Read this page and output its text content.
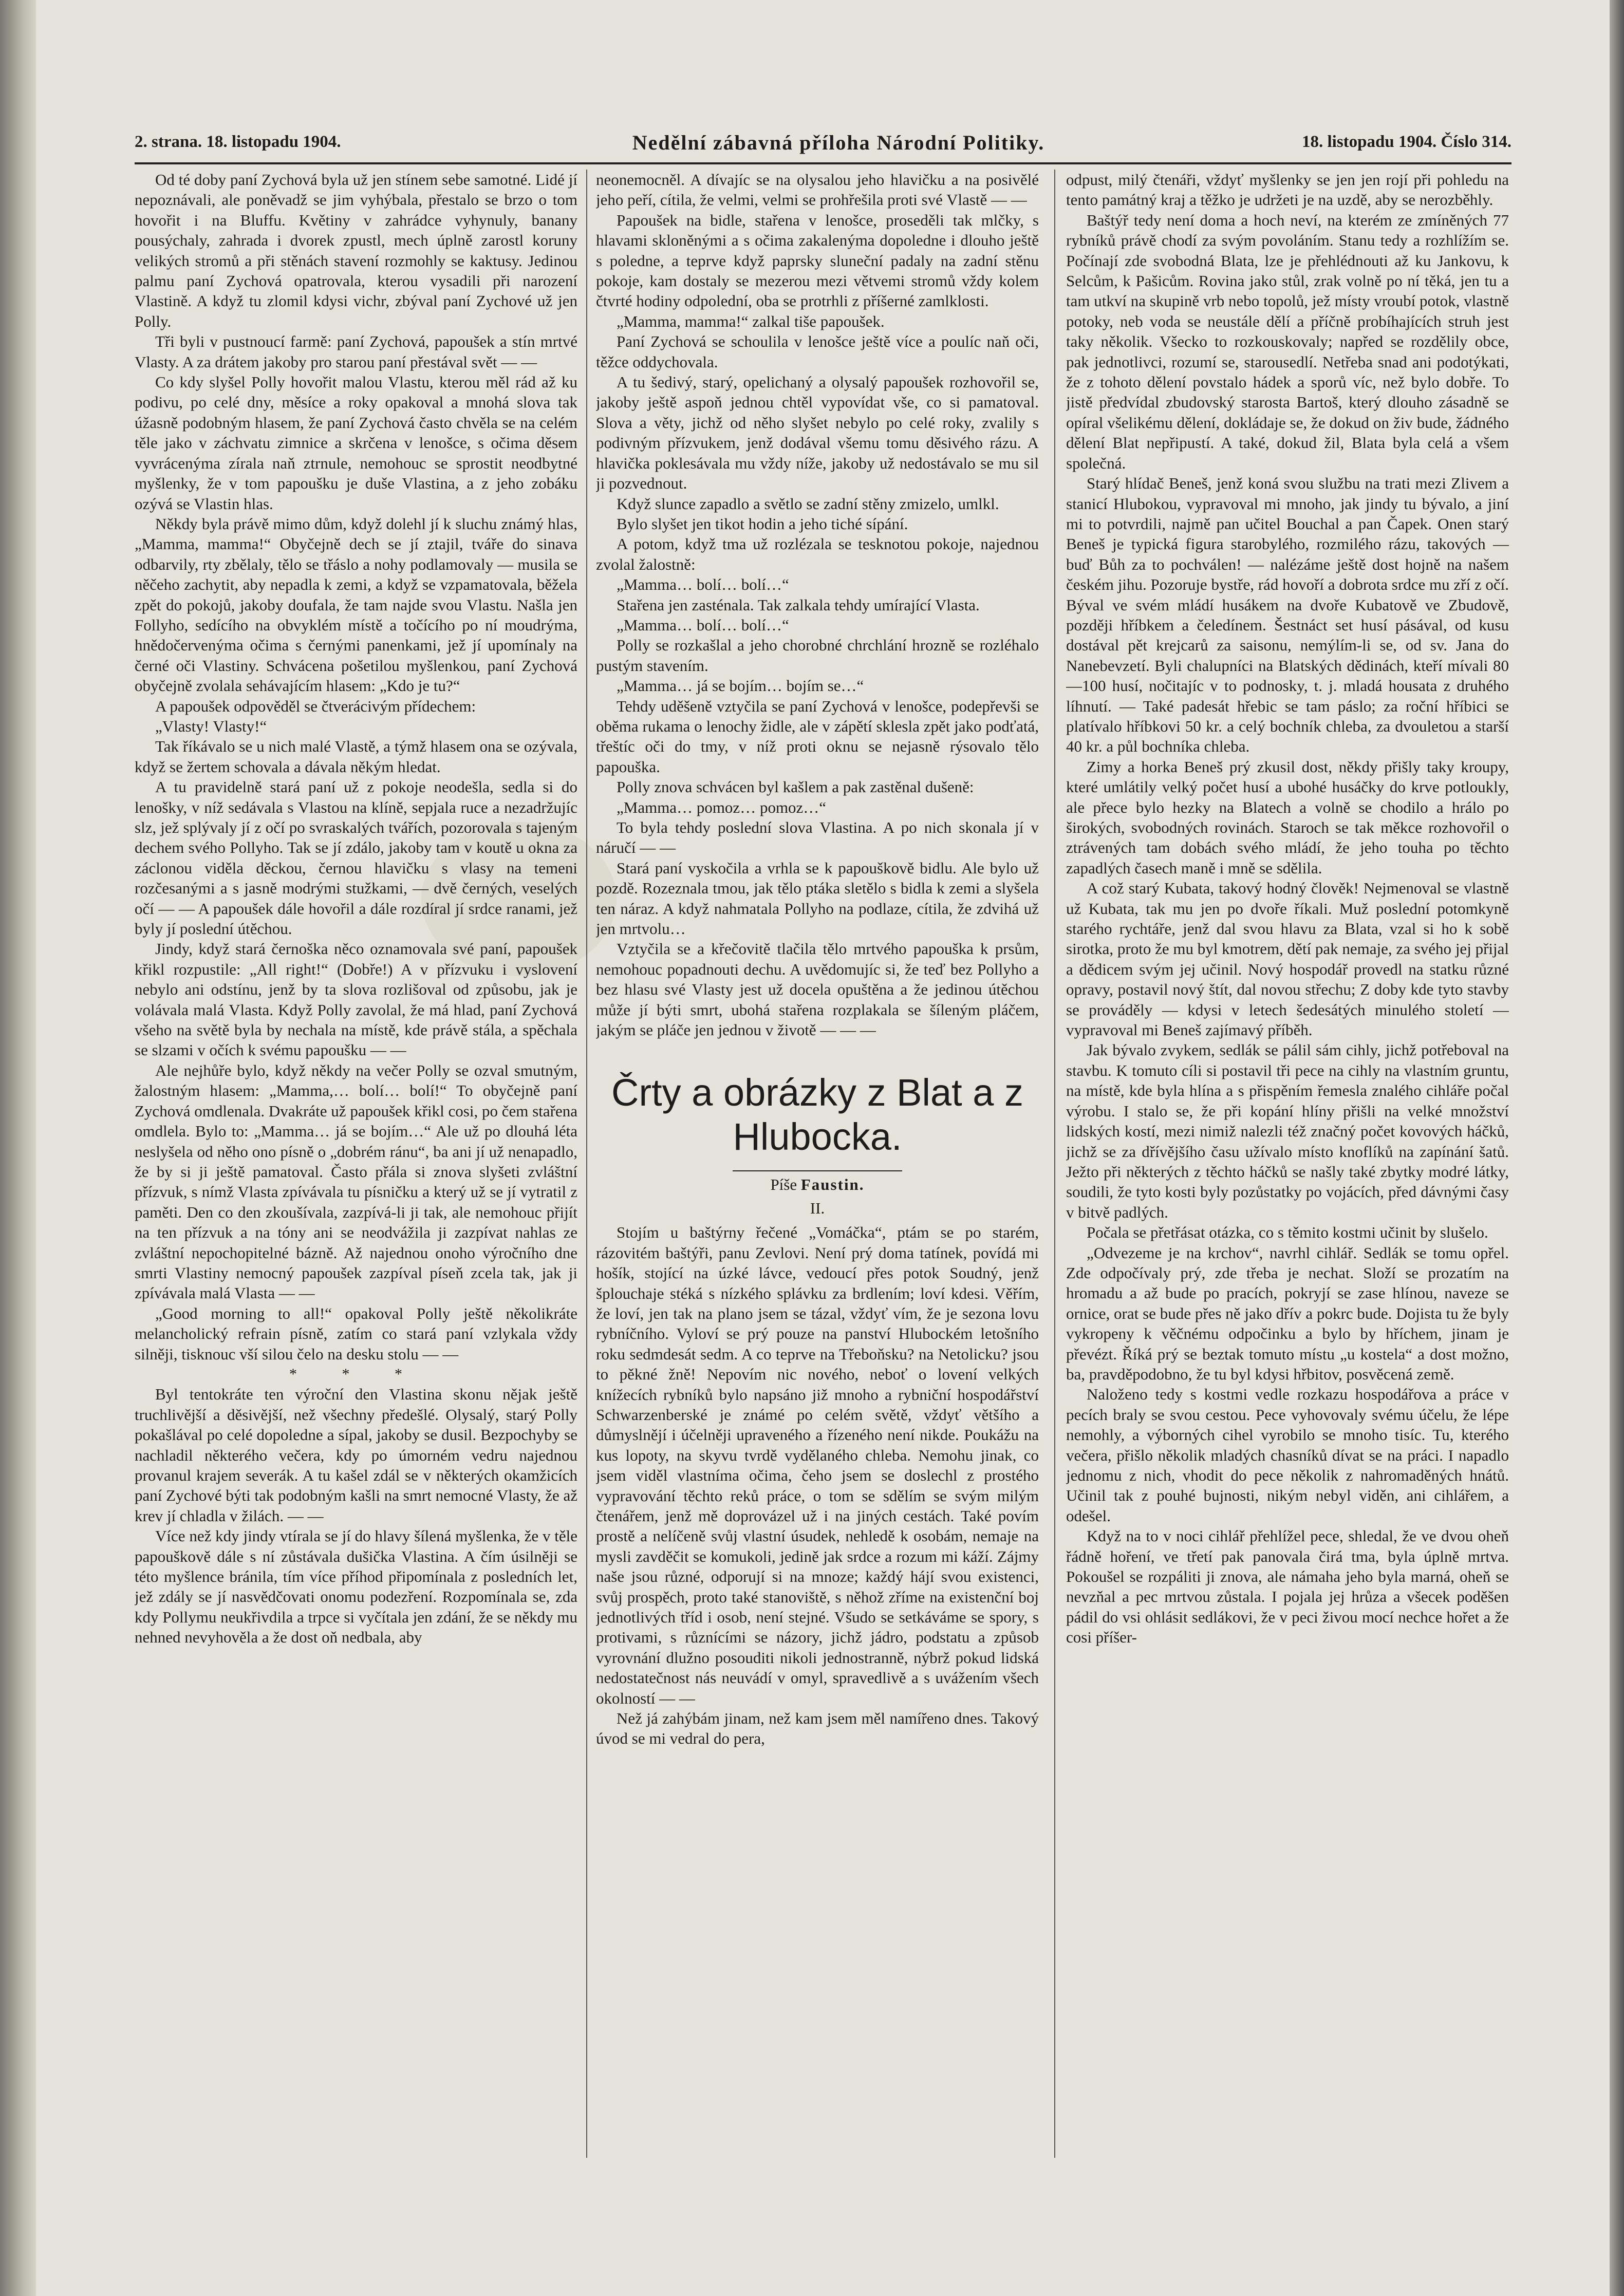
2. strana. 18. listopadu 1904.	Nedělní zábavná příloha Národní Politiky.	18. listopadu 1904. Číslo 314.

Od té doby paní Zychová byla už jen stínem sebe samotné. Lidé jí nepoznávali, ale poněvadž se jim vyhýbala, přestalo se brzo o tom hovořit i na Bluffu. Květiny v zahrádce vyhynuly, banany pousýchaly, zahrada i dvorek zpustl, mech úplně zarostl koruny velikých stromů a při stěnách stavení rozmohly se kaktusy. Jedinou palmu paní Zychová opatrovala, kterou vysadili při narození Vlastině. A když tu zlomil kdysi vichr, zbýval paní Zychové už jen Polly.

Tři byli v pustnoucí farmě: paní Zychová, papoušek a stín mrtvé Vlasty. A za drátem jakoby pro starou paní přestával svět — —

Co kdy slyšel Polly hovořit malou Vlastu, kterou měl rád až ku podivu, po celé dny, měsíce a roky opakoval a mnohá slova tak úžasně podobným hlasem, že paní Zychová často chvěla se na celém těle jako v záchvatu zimnice a skrčena v lenošce, s očima děsem vyvrácenýma zírala naň ztrnule, nemohouc se sprostit neodbytné myšlenky, že v tom papoušku je duše Vlastina, a z jeho zobáku ozývá se Vlastin hlas.

Někdy byla právě mimo dům, když dolehl jí k sluchu známý hlas, „Mamma, mamma!“ Obyčejně dech se jí ztajil, tváře do sinava odbarvily, rty zbělaly, tělo se třáslo a nohy podlamovaly — musila se něčeho zachytit, aby nepadla k zemi, a když se vzpamatovala, běžela zpět do pokojů, jakoby doufala, že tam najde svou Vlastu. Našla jen Follyho, sedícího na obvyklém místě a točícího po ní moudrýma, hnědočervenýma očima s černými panenkami, jež jí upomínaly na černé oči Vlastiny. Schvácena pošetilou myšlenkou, paní Zychová obyčejně zvolala sehávajícím hlasem: „Kdo je tu?“

A papoušek odpověděl se čtverácivým přídechem:

„Vlasty! Vlasty!“

Tak říkávalo se u nich malé Vlastě, a týmž hlasem ona se ozývala, když se žertem schovala a dávala někým hledat.

A tu pravidelně stará paní už z pokoje neodešla, sedla si do lenošky, v níž sedávala s Vlastou na klíně, sepjala ruce a nezadržujíc slz, jež splývaly jí z očí po svraskalých tvářích, pozorovala s tajeným dechem svého Pollyho. Tak se jí zdálo, jakoby tam v koutě u okna za záclonou viděla děckou, černou hlavičku s vlasy na temeni rozčesanými a s jasně modrými stužkami, — dvě černých, veselých očí — — A papoušek dále hovořil a dále rozdíral jí srdce ranami, jež byly jí poslední útěchou.

Jindy, když stará černoška něco oznamovala své paní, papoušek křikl rozpustile: „All right!“ (Dobře!) A v přízvuku i vyslovení nebylo ani odstínu, jenž by ta slova rozlišoval od způsobu, jak je volávala malá Vlasta. Když Polly zavolal, že má hlad, paní Zychová všeho na světě byla by nechala na místě, kde právě stála, a spěchala se slzami v očích k svému papoušku — —

Ale nejhůře bylo, když někdy na večer Polly se ozval smutným, žalostným hlasem: „Mamma,… bolí… bolí!“ To obyčejně paní Zychová omdlenala. Dvakráte už papoušek křikl cosi, po čem stařena omdlela. Bylo to: „Mamma… já se bojím…“ Ale už po dlouhá léta neslyšela od něho ono písně o „dobrém ránu“, ba ani jí už nenapadlo, že by si ji ještě pamatoval. Často přála si znova slyšeti zvláštní přízvuk, s nímž Vlasta zpívávala tu písničku a který už se jí vytratil z paměti. Den co den zkoušívala, zazpívá-li ji tak, ale nemohouc přijít na ten přízvuk a na tóny ani se neodvážila ji zazpívat nahlas ze zvláštní nepochopitelné bázně. Až najednou onoho výročního dne smrti Vlastiny nemocný papoušek zazpíval píseň zcela tak, jak ji zpívávala malá Vlasta — —

„Good morning to all!“ opakoval Polly ještě několikráte melancholický refrain písně, zatím co stará paní vzlykala vždy silněji, tisknouc vší silou čelo na desku stolu — —

* * *

Byl tentokráte ten výroční den Vlastina skonu nějak ještě truchlivější a děsivější, než všechny předešlé. Olysalý, starý Polly pokašlával po celé dopoledne a sípal, jakoby se dusil. Bezpochyby se nachladil některého večera, kdy po úmorném vedru najednou provanul krajem severák. A tu kašel zdál se v některých okamžicích paní Zychové býti tak podobným kašli na smrt nemocné Vlasty, že až krev jí chladla v žilách. — —

Více než kdy jindy vtírala se jí do hlavy šílená myšlenka, že v těle papouškově dále s ní zůstávala dušička Vlastina. A čím úsilněji se této myšlence bránila, tím více příhod připomínala z posledních let, jež zdály se jí nasvědčovati onomu podezření. Rozpomínala se, zda kdy Pollymu neukřivdila a trpce si vyčítala jen zdání, že se někdy mu nehned nevyhověla a že dost oň nedbala, aby

neonemocněl. A dívajíc se na olysalou jeho hlavičku a na posivělé jeho peří, cítila, že velmi, velmi se prohřešila proti své Vlastě — —

Papoušek na bidle, stařena v lenošce, proseděli tak mlčky, s hlavami skloněnými a s očima zakalenýma dopoledne i dlouho ještě s poledne, a teprve když paprsky sluneční padaly na zadní stěnu pokoje, kam dostaly se mezerou mezi větvemi stromů vždy kolem čtvrté hodiny odpolední, oba se protrhli z příšerné zamlklosti.

„Mamma, mamma!“ zalkal tiše papoušek.

Paní Zychová se schoulila v lenošce ještě více a poulíc naň oči, těžce oddychovala.

A tu šedivý, starý, opelichaný a olysalý papoušek rozhovořil se, jakoby ještě aspoň jednou chtěl vypovídat vše, co si pamatoval. Slova a věty, jichž od něho slyšet nebylo po celé roky, zvalily s podivným přízvukem, jenž dodával všemu tomu děsivého rázu. A hlavička poklesávala mu vždy níže, jakoby už nedostávalo se mu sil ji pozvednout.

Když slunce zapadlo a světlo se zadní stěny zmizelo, umlkl.

Bylo slyšet jen tikot hodin a jeho tiché sípání.

A potom, když tma už rozlézala se tesknotou pokoje, najednou zvolal žalostně:

„Mamma… bolí… bolí…“

Stařena jen zasténala. Tak zalkala tehdy umírající Vlasta.

„Mamma… bolí… bolí…“

Polly se rozkašlal a jeho chorobné chrchlání hrozně se rozléhalo pustým stavením.

„Mamma… já se bojím… bojím se…“

Tehdy uděšeně vztyčila se paní Zychová v lenošce, podepřevši se oběma rukama o lenochy židle, ale v zápětí sklesla zpět jako podťatá, třeštíc oči do tmy, v níž proti oknu se nejasně rýsovalo tělo papouška.

Polly znova schvácen byl kašlem a pak zastěnal dušeně:

„Mamma… pomoz… pomoz…“

To byla tehdy poslední slova Vlastina. A po nich skonala jí v náručí — —

Stará paní vyskočila a vrhla se k papouškově bidlu. Ale bylo už pozdě. Rozeznala tmou, jak tělo ptáka sletělo s bidla k zemi a slyšela ten náraz. A když nahmatala Pollyho na podlaze, cítila, že zdvihá už jen mrtvolu…

Vztyčila se a křečovitě tlačila tělo mrtvého papouška k prsům, nemohouc popadnouti dechu. A uvědomujíc si, že teď bez Pollyho a bez hlasu své Vlasty jest už docela opuštěna a že jedinou útěchou může jí býti smrt, ubohá stařena rozplakala se šíleným pláčem, jakým se pláče jen jednou v životě — — —

Črty a obrázky z Blat a z Hlubocka.
Píše Faustin.
II.

Stojím u baštýrny řečené „Vomáčka“, ptám se po starém, rázovitém baštýři, panu Zevlovi. Není prý doma tatínek, povídá mi hošík, stojící na úzké lávce, vedoucí přes potok Soudný, jenž šplouchaje stéká s nízkého splávku za brdlením; loví kdesi. Věřím, že loví, jen tak na plano jsem se tázal, vždyť vím, že je sezona lovu rybníčního. Vyloví se prý pouze na panství Hlubockém letošního roku sedmdesát sedm. A co teprve na Třeboňsku? na Netolicku? jsou to pěkné žně! Nepovím nic nového, neboť o lovení velkých knížecích rybníků bylo napsáno již mnoho a rybniční hospodářství Schwarzenberské je známé po celém světě, vždyť většího a důmyslnějí i účelněji upraveného a řízeného není nikde. Poukážu na kus lopoty, na skyvu tvrdě vydělaného chleba. Nemohu jinak, co jsem viděl vlastníma očima, čeho jsem se doslechl z prostého vypravování těchto reků práce, o tom se sdělím se svým milým čtenářem, jenž mě doprovázel už i na jiných cestách. Také povím prostě a nelíčeně svůj vlastní úsudek, nehledě k osobám, nemaje na mysli zavděčit se komukoli, jedině jak srdce a rozum mi káží. Zájmy naše jsou různé, odporují si na mnoze; každý hájí svou existenci, svůj prospěch, proto také stanoviště, s něhož zříme na existenční boj jednotlivých tříd i osob, není stejné. Všudo se setkáváme se spory, s protivami, s různícími se názory, jichž jádro, podstatu a způsob vyrovnání dlužno posouditi nikoli jednostranně, nýbrž pokud lidská nedostatečnost nás neuvádí v omyl, spravedlivě a s uvážením všech okolností — —

Než já zahýbám jinam, než kam jsem měl namířeno dnes. Takový úvod se mi vedral do pera,

odpust, milý čtenáři, vždyť myšlenky se jen jen rojí při pohledu na tento památný kraj a těžko je udržeti je na uzdě, aby se nerozběhly.

Baštýř tedy není doma a hoch neví, na kterém ze zmíněných 77 rybníků právě chodí za svým povoláním. Stanu tedy a rozhlížím se. Počínají zde svobodná Blata, lze je přehlédnouti až ku Jankovu, k Selcům, k Pašicům. Rovina jako stůl, zrak volně po ní těká, jen tu a tam utkví na skupině vrb nebo topolů, jež místy vroubí potok, vlastně potoky, neb voda se neustále dělí a příčně probíhajících struh jest taky několik. Všecko to rozkouskovaly; napřed se rozdělily obce, pak jednotlivci, rozumí se, starousedlí. Netřeba snad ani podotýkati, že z tohoto dělení povstalo hádek a sporů víc, než bylo dobře. To jistě předvídal zbudovský starosta Bartoš, který dlouho zásadně se opíral všelikému dělení, dokládaje se, že dokud on živ bude, žádného dělení Blat nepřipustí. A také, dokud žil, Blata byla celá a všem společná.

Starý hlídač Beneš, jenž koná svou službu na trati mezi Zlivem a stanicí Hlubokou, vypravoval mi mnoho, jak jindy tu bývalo, a jiní mi to potvrdili, najmě pan učitel Bouchal a pan Čapek. Onen starý Beneš je typická figura starobylého, rozmilého rázu, takových — buď Bůh za to pochválen! — nalézáme ještě dost hojně na našem českém jihu. Pozoruje bystře, rád hovoří a dobrota srdce mu zří z očí. Býval ve svém mládí husákem na dvoře Kubatově ve Zbudově, později hříbkem a čeledínem. Šestnáct set husí pásával, od kusu dostával pět krejcarů za saisonu, nemýlím-li se, od sv. Jana do Nanebevzetí. Byli chalupníci na Blatských dědinách, kteří mívali 80—100 husí, nočitajíc v to podnosky, t. j. mladá housata z druhého líhnutí. — Také padesát hřebic se tam páslo; za roční hříbici se platívalo hříbkovi 50 kr. a celý bochník chleba, za dvouletou a starší 40 kr. a půl bochníka chleba.

Zimy a horka Beneš prý zkusil dost, někdy přišly taky kroupy, které umlátily velký počet husí a ubohé husáčky do krve potloukly, ale přece bylo hezky na Blatech a volně se chodilo a hrálo po širokých, svobodných rovinách. Staroch se tak měkce rozhovořil o ztrávených tam dobách svého mládí, že jeho touha po těchto zapadlých časech maně i mně se sdělila.

A což starý Kubata, takový hodný člověk! Nejmenoval se vlastně už Kubata, tak mu jen po dvoře říkali. Muž poslední potomkyně starého rychtáře, jenž dal svou hlavu za Blata, vzal si ho k sobě sirotka, proto že mu byl kmotrem, dětí pak nemaje, za svého jej přijal a dědicem svým jej učinil. Nový hospodář provedl na statku různé opravy, postavil nový štít, dal novou střechu; Z doby kde tyto stavby se prováděly — kdysi v letech šedesátých minulého století — vypravoval mi Beneš zajímavý příběh.

Jak bývalo zvykem, sedlák se pálil sám cihly, jichž potřeboval na stavbu. K tomuto cíli si postavil tři pece na cihly na vlastním gruntu, na místě, kde byla hlína a s přispěním řemesla znalého cihláře počal výrobu. I stalo se, že při kopání hlíny přišli na velké množství lidských kostí, mezi nimiž nalezli též značný počet kovových háčků, jichž se za dřívějšího času užívalo místo knoflíků na zapínání šatů. Ježto při některých z těchto háčků se našly také zbytky modré látky, soudili, že tyto kosti byly pozůstatky po vojácích, před dávnými časy v bitvě padlých.

Počala se přetřásat otázka, co s těmito kostmi učinit by slušelo.

„Odvezeme je na krchov“, navrhl cihlář. Sedlák se tomu opřel. Zde odpočívaly prý, zde třeba je nechat. Složí se prozatím na hromadu a až bude po pracích, pokryjí se zase hlínou, naveze se ornice, orat se bude přes ně jako dřív a pokrc bude. Dojista tu že byly vykropeny k věčnému odpočinku a bylo by hříchem, jinam je převézt. Říká prý se beztak tomuto místu „u kostela“ a dost možno, ba, pravděpodobno, že tu byl kdysi hřbitov, posvěcená země.

Naloženo tedy s kostmi vedle rozkazu hospodářova a práce v pecích braly se svou cestou. Pece vyhovovaly svému účelu, že lépe nemohly, a výborných cihel vyrobilo se mnoho tisíc. Tu, kterého večera, přišlo několik mladých chasníků dívat se na práci. I napadlo jednomu z nich, vhodit do pece několik z nahromaděných hnátů. Učinil tak z pouhé bujnosti, nikým nebyl viděn, ani cihlářem, a odešel.

Když na to v noci cihlář přehlížel pece, shledal, že ve dvou oheň řádně hoření, ve třetí pak panovala čirá tma, byla úplně mrtva. Pokoušel se rozpáliti ji znova, ale námaha jeho byla marná, oheň se nevzňal a pec mrtvou zůstala. I pojala jej hrůza a všecek poděšen pádil do vsi ohlásit sedlákovi, že v peci živou mocí nechce hořet a že cosi příšer-
